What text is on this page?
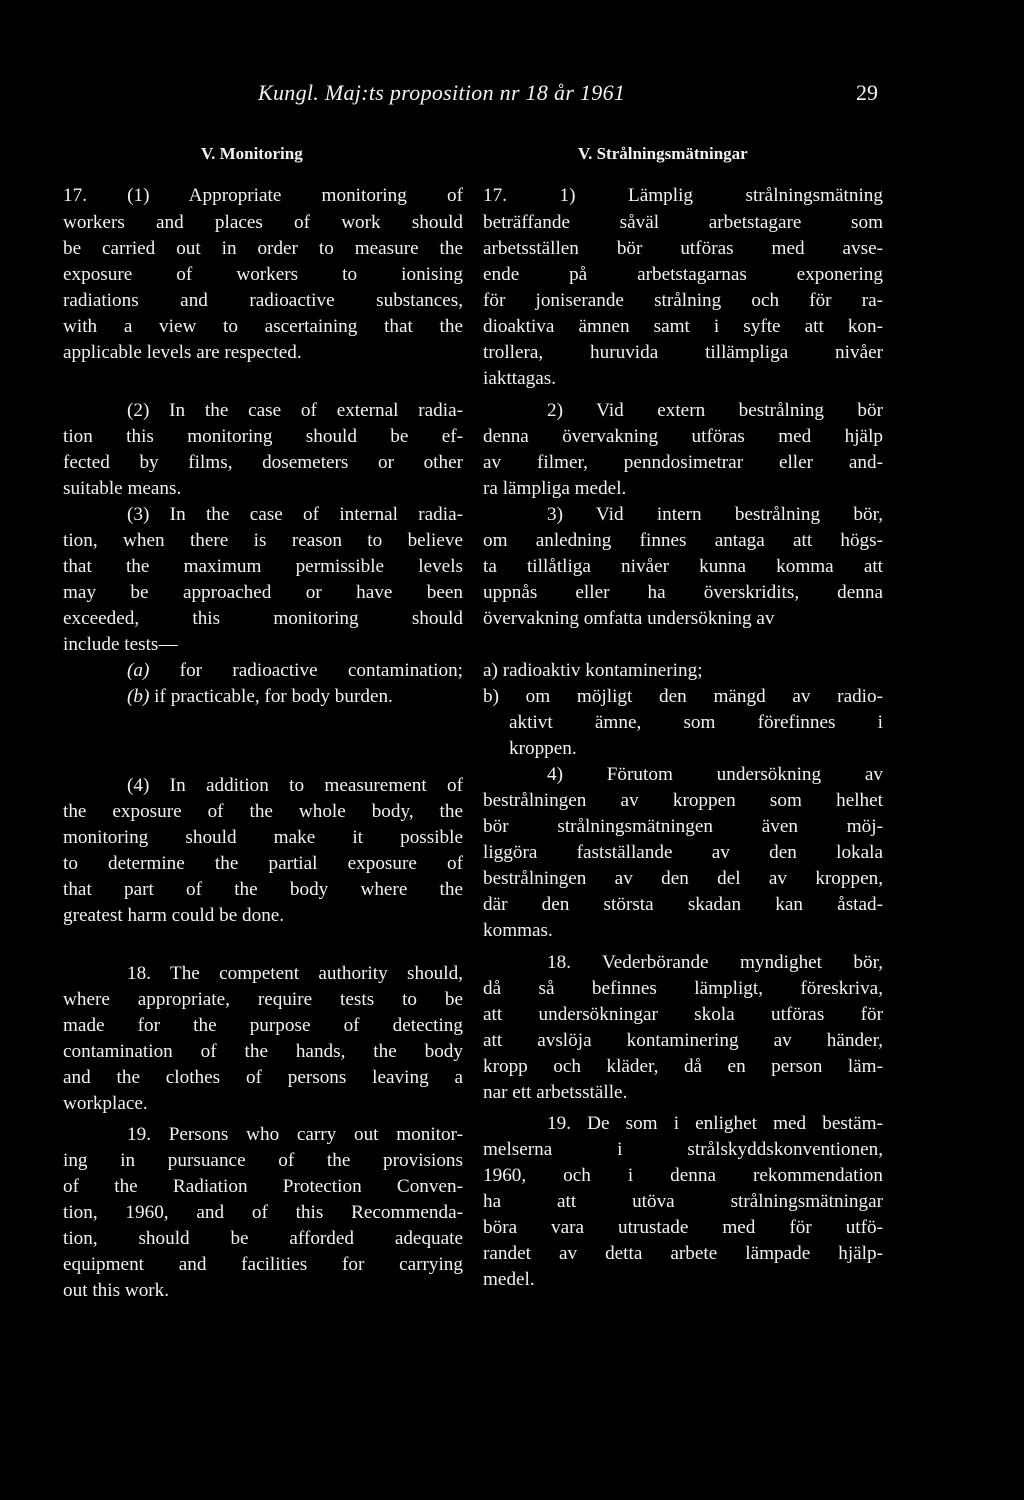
Kungl. Maj:ts proposition nr 18 år 1961	29
V. Monitoring
17. (1) Appropriate monitoring of
workers and places of work should
be carried out in order to measure the
exposure of workers to ionising
radiations and radioactive substances,
with a view to ascertaining that the
applicable levels are respected.
(2) In the case of external radia-
tion this monitoring should be ef-
fected by films, dosemeters or other
suitable means.
(3) In the case of internal radia-
tion, when there is reason to believe
that the maximum permissible levels
may be approached or have been
exceeded, this monitoring should
include tests—
(a) for radioactive contamination;
(b) if practicable, for body burden.
(4) In addition to measurement of
the exposure of the whole body, the
monitoring should make it possible
to determine the partial exposure of
that part of the body where the
greatest harm could be done.
18. The competent authority should,
where appropriate, require tests to be
made for the purpose of detecting
contamination of the hands, the body
and the clothes of persons leaving a
workplace.
19. Persons who carry out monitor-
ing in pursuance of the provisions
of the Radiation Protection Conven-
tion, 1960, and of this Recommenda-
tion, should be afforded adequate
equipment and facilities for carrying
out this work.
V. Strålningsmätningar
17. 1) Lämplig strålningsmätning
beträffande såväl arbetstagare som
arbetsställen bör utföras med avse-
ende på arbetstagarnas exponering
för joniserande strålning och för ra-
dioaktiva ämnen samt i syfte att kon-
trollera, huruvida tillämpliga nivåer
iakttagas.
2) Vid extern bestrålning bör
denna övervakning utföras med hjälp
av filmer, penndosimetrar eller and-
ra lämpliga medel.
3) Vid intern bestrålning bör,
om anledning finnes antaga att högs-
ta tillåtliga nivåer kunna komma att
uppnås eller ha överskridits, denna
övervakning omfatta undersökning av
a) radioaktiv kontaminering;
b) om möjligt den mängd av radio-
aktivt ämne, som förefinnes i
kroppen.
4) Förutom undersökning av
bestrålningen av kroppen som helhet
bör strålningsmätningen även möj-
liggöra fastställande av den lokala
bestrålningen av den del av kroppen,
där den största skadan kan åstad-
kommas.
18. Vederbörande myndighet bör,
då så befinnes lämpligt, föreskriva,
att undersökningar skola utföras för
att avslöja kontaminering av händer,
kropp och kläder, då en person läm-
nar ett arbetsställe.
19. De som i enlighet med bestäm-
melserna i strålskyddskonventionen,
1960, och i denna rekommendation
ha att utöva strålningsmätningar
böra vara utrustade med för utfö-
randet av detta arbete lämpade hjälp-
medel.
